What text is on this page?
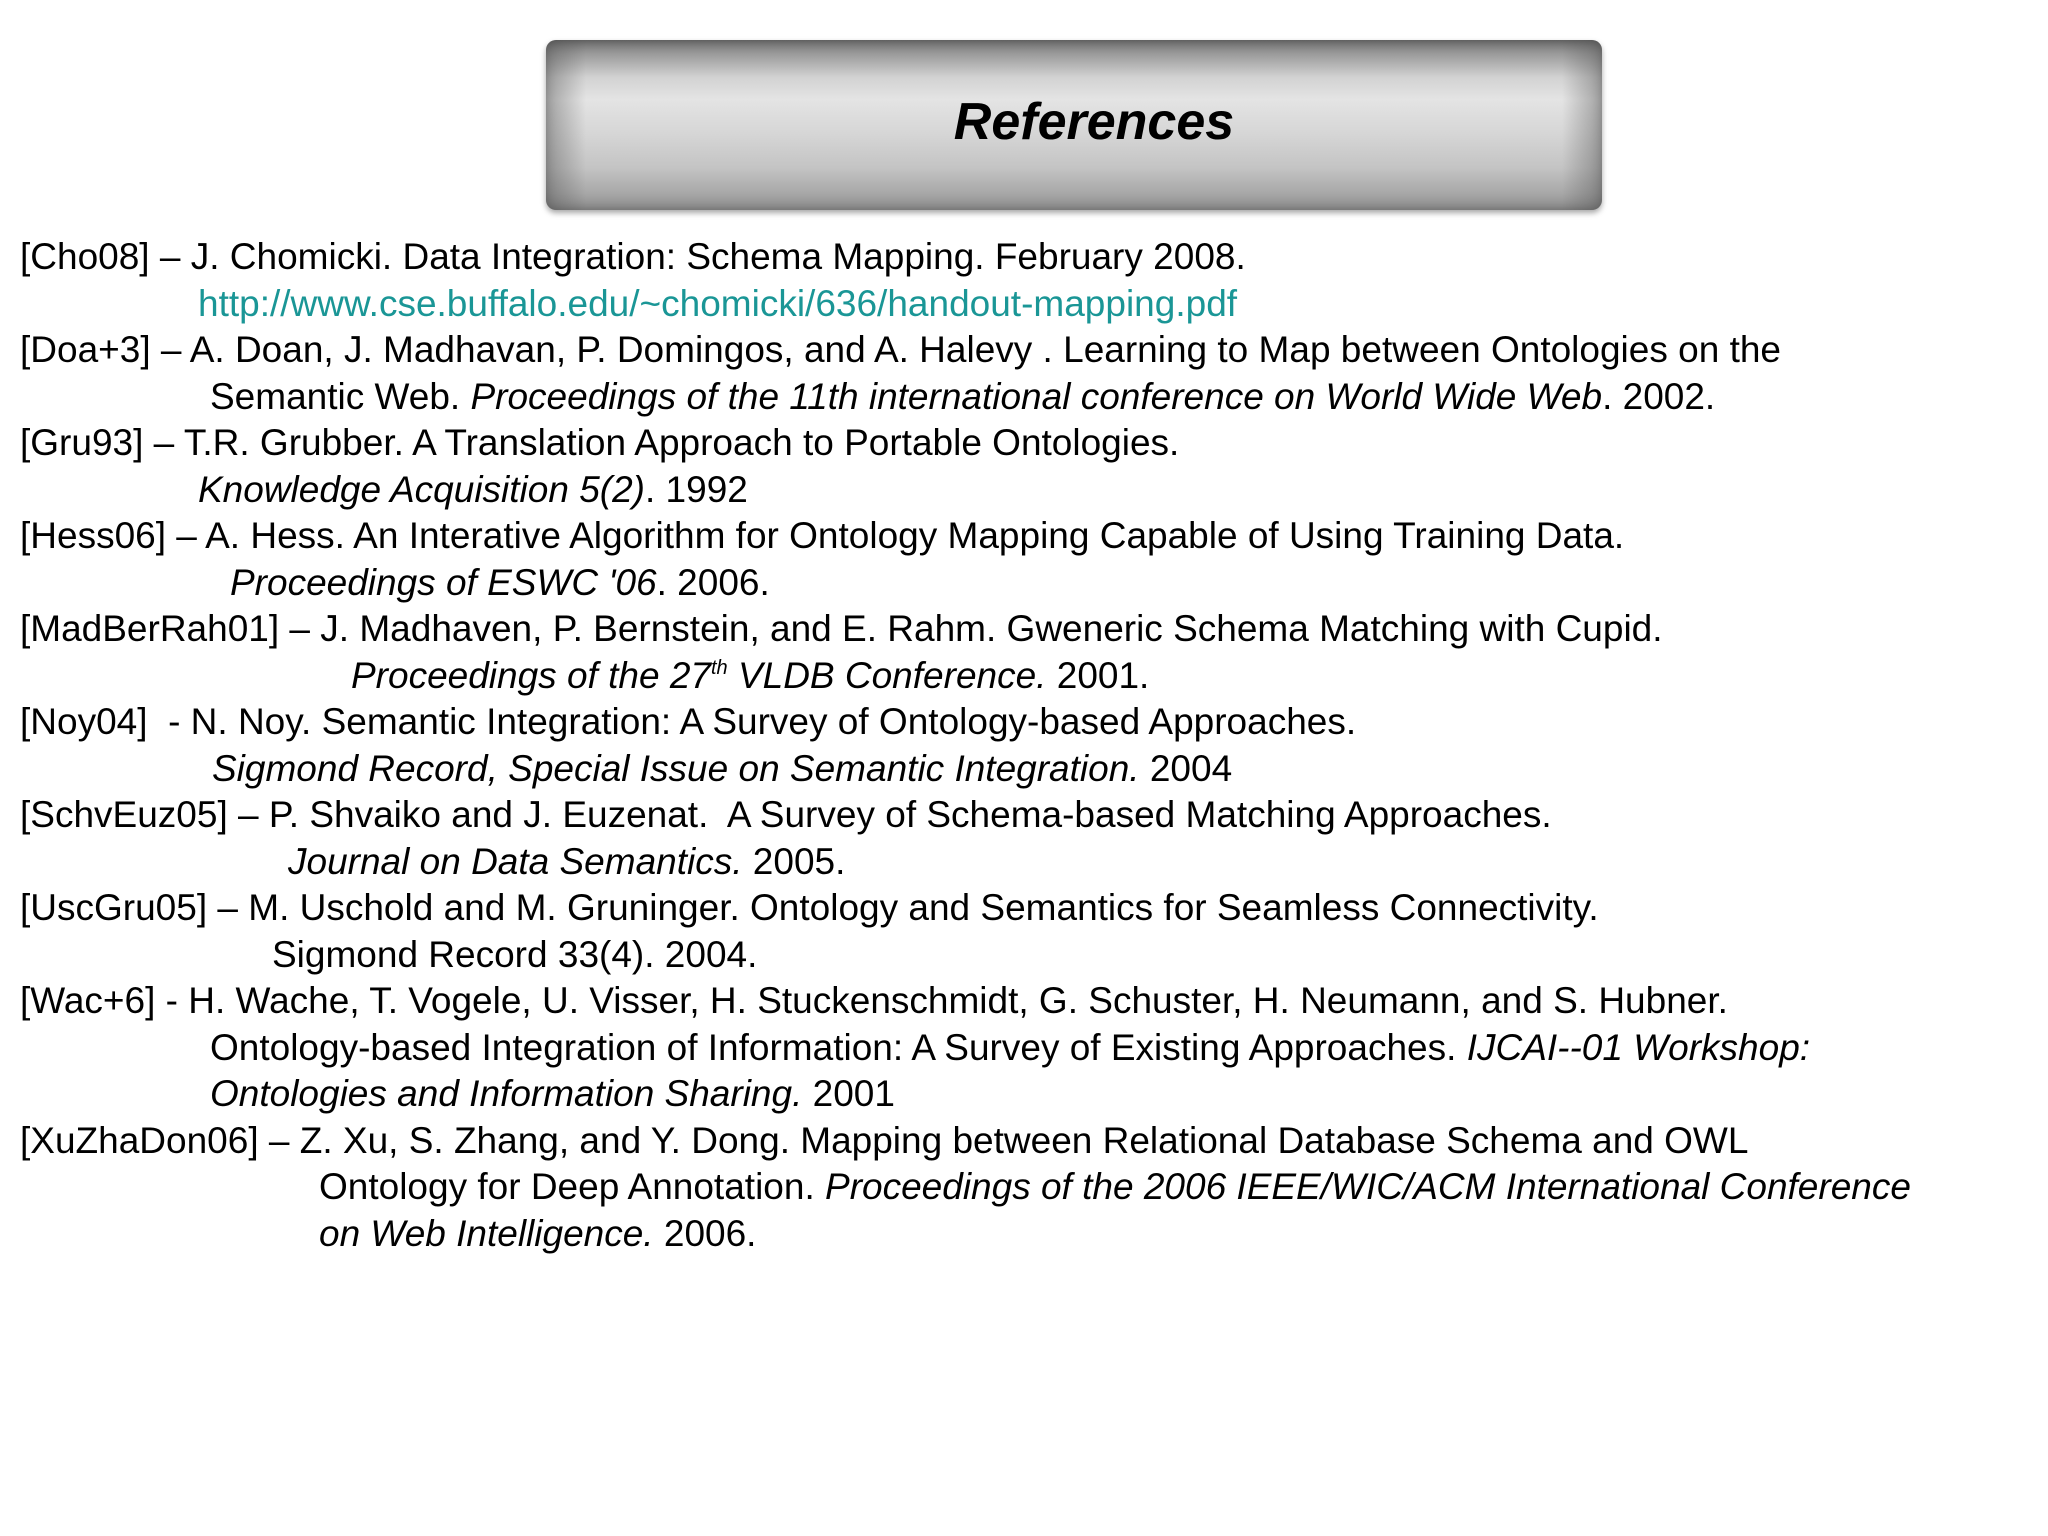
References
[Cho08] – J. Chomicki. Data Integration: Schema Mapping. February 2008.
http://www.cse.buffalo.edu/~chomicki/636/handout-mapping.pdf
[Doa+3] – A. Doan, J. Madhavan, P. Domingos, and A. Halevy . Learning to Map between Ontologies on the
Semantic Web. Proceedings of the 11th international conference on World Wide Web. 2002.
[Gru93] – T.R. Grubber. A Translation Approach to Portable Ontologies.
Knowledge Acquisition 5(2). 1992
[Hess06] – A. Hess. An Interative Algorithm for Ontology Mapping Capable of Using Training Data.
Proceedings of ESWC '06. 2006.
[MadBerRah01] – J. Madhaven, P. Bernstein, and E. Rahm. Gweneric Schema Matching with Cupid.
Proceedings of the 27th VLDB Conference. 2001.
[Noy04]  - N. Noy. Semantic Integration: A Survey of Ontology-based Approaches.
Sigmond Record, Special Issue on Semantic Integration. 2004
[SchvEuz05] – P. Shvaiko and J. Euzenat.  A Survey of Schema-based Matching Approaches.
Journal on Data Semantics. 2005.
[UscGru05] – M. Uschold and M. Gruninger. Ontology and Semantics for Seamless Connectivity.
Sigmond Record 33(4). 2004.
[Wac+6] - H. Wache, T. Vogele, U. Visser, H. Stuckenschmidt, G. Schuster, H. Neumann, and S. Hubner.
Ontology-based Integration of Information: A Survey of Existing Approaches. IJCAI--01 Workshop:
Ontologies and Information Sharing. 2001
[XuZhaDon06] – Z. Xu, S. Zhang, and Y. Dong. Mapping between Relational Database Schema and OWL
Ontology for Deep Annotation. Proceedings of the 2006 IEEE/WIC/ACM International Conference
on Web Intelligence. 2006.
